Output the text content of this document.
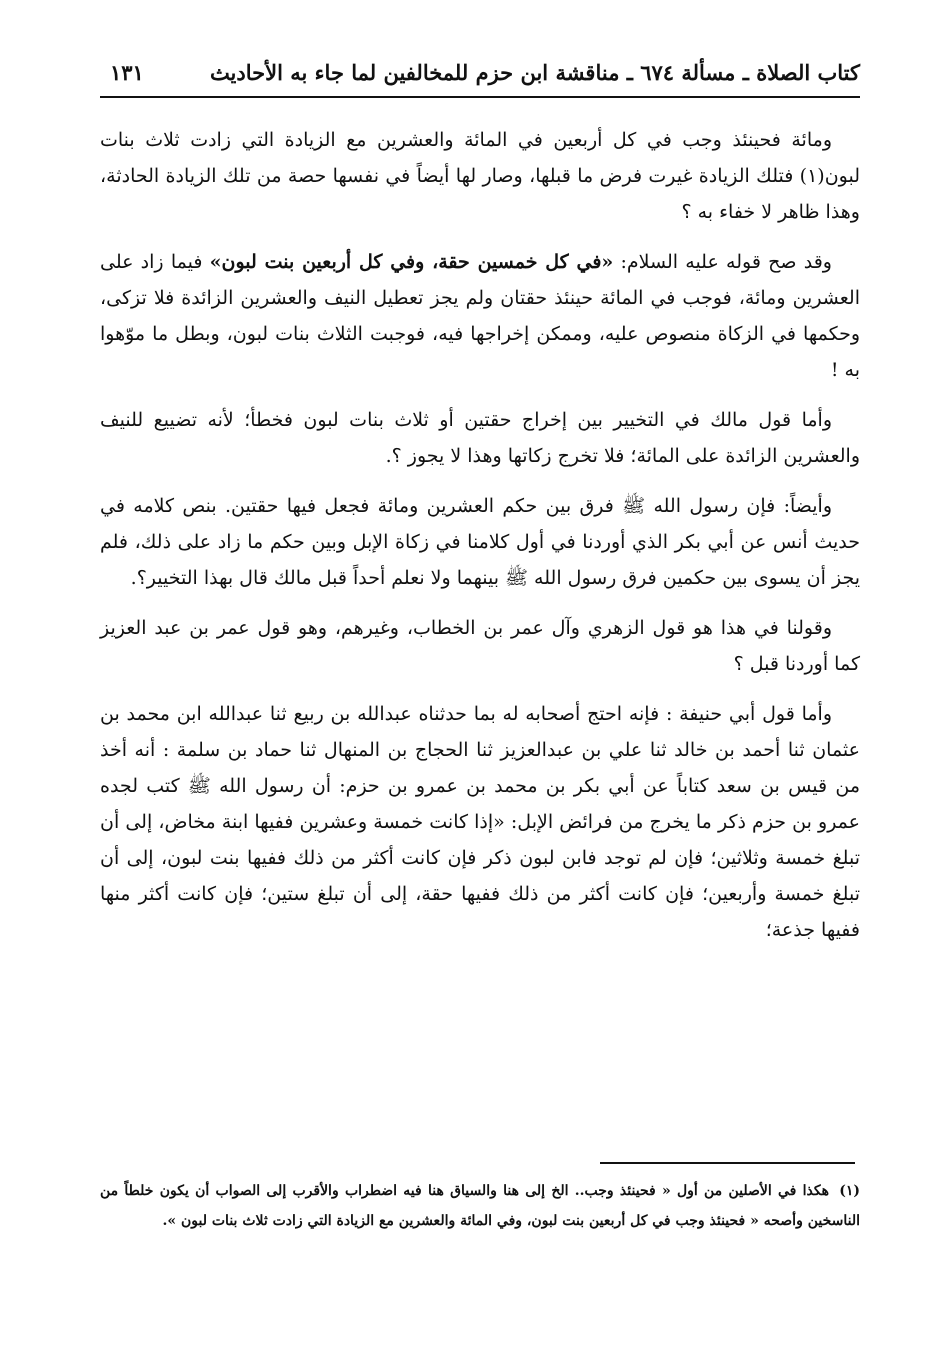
كتاب الصلاة ـ مسألة ٦٧٤ ـ مناقشة ابن حزم للمخالفين لما جاء به الأحاديث
١٣١

ومائة فحينئذ وجب في كل أربعين في المائة والعشرين مع الزيادة التي زادت ثلاث بنات لبون(١) فتلك الزيادة غيرت فرض ما قبلها، وصار لها أيضاً في نفسها حصة من تلك الزيادة الحادثة، وهذا ظاهر لا خفاء به ؟

وقد صح قوله عليه السلام: «في كل خمسين حقة، وفي كل أربعين بنت لبون» فيما زاد على العشرين ومائة، فوجب في المائة حينئذ حقتان ولم يجز تعطيل النيف والعشرين الزائدة فلا تزكى، وحكمها في الزكاة منصوص عليه، وممكن إخراجها فيه، فوجبت الثلاث بنات لبون، وبطل ما موّهوا به !

وأما قول مالك في التخيير بين إخراج حقتين أو ثلاث بنات لبون فخطأ؛ لأنه تضييع للنيف والعشرين الزائدة على المائة؛ فلا تخرج زكاتها وهذا لا يجوز ؟.

وأيضاً: فإن رسول الله ﷺ فرق بين حكم العشرين ومائة فجعل فيها حقتين. بنص كلامه في حديث أنس عن أبي بكر الذي أوردنا في أول كلامنا في زكاة الإبل وبين حكم ما زاد على ذلك، فلم يجز أن يسوى بين حكمين فرق رسول الله ﷺ بينهما ولا نعلم أحداً قبل مالك قال بهذا التخيير؟.

وقولنا في هذا هو قول الزهري وآل عمر بن الخطاب، وغيرهم، وهو قول عمر بن عبد العزيز كما أوردنا قبل ؟

وأما قول أبي حنيفة : فإنه احتج أصحابه له بما حدثناه عبدالله بن ربيع ثنا عبدالله ابن محمد بن عثمان ثنا أحمد بن خالد ثنا علي بن عبدالعزيز ثنا الحجاج بن المنهال ثنا حماد بن سلمة : أنه أخذ من قيس بن سعد كتاباً عن أبي بكر بن محمد بن عمرو بن حزم: أن رسول الله ﷺ كتب لجده عمرو بن حزم ذكر ما يخرج من فرائض الإبل: «إذا كانت خمسة وعشرين ففيها ابنة مخاض، إلى أن تبلغ خمسة وثلاثين؛ فإن لم توجد فابن لبون ذكر فإن كانت أكثر من ذلك ففيها بنت لبون، إلى أن تبلغ خمسة وأربعين؛ فإن كانت أكثر من ذلك ففيها حقة، إلى أن تبلغ ستين؛ فإن كانت أكثر منها ففيها جذعة؛

(١) هكذا في الأصلين من أول « فحينئذ وجب.. الخ إلى هنا والسياق هنا فيه اضطراب والأقرب إلى الصواب أن يكون خلطاً من الناسخين وأصحه « فحينئذ وجب في كل أربعين بنت لبون، وفي المائة والعشرين مع الزيادة التي زادت ثلاث بنات لبون ».
